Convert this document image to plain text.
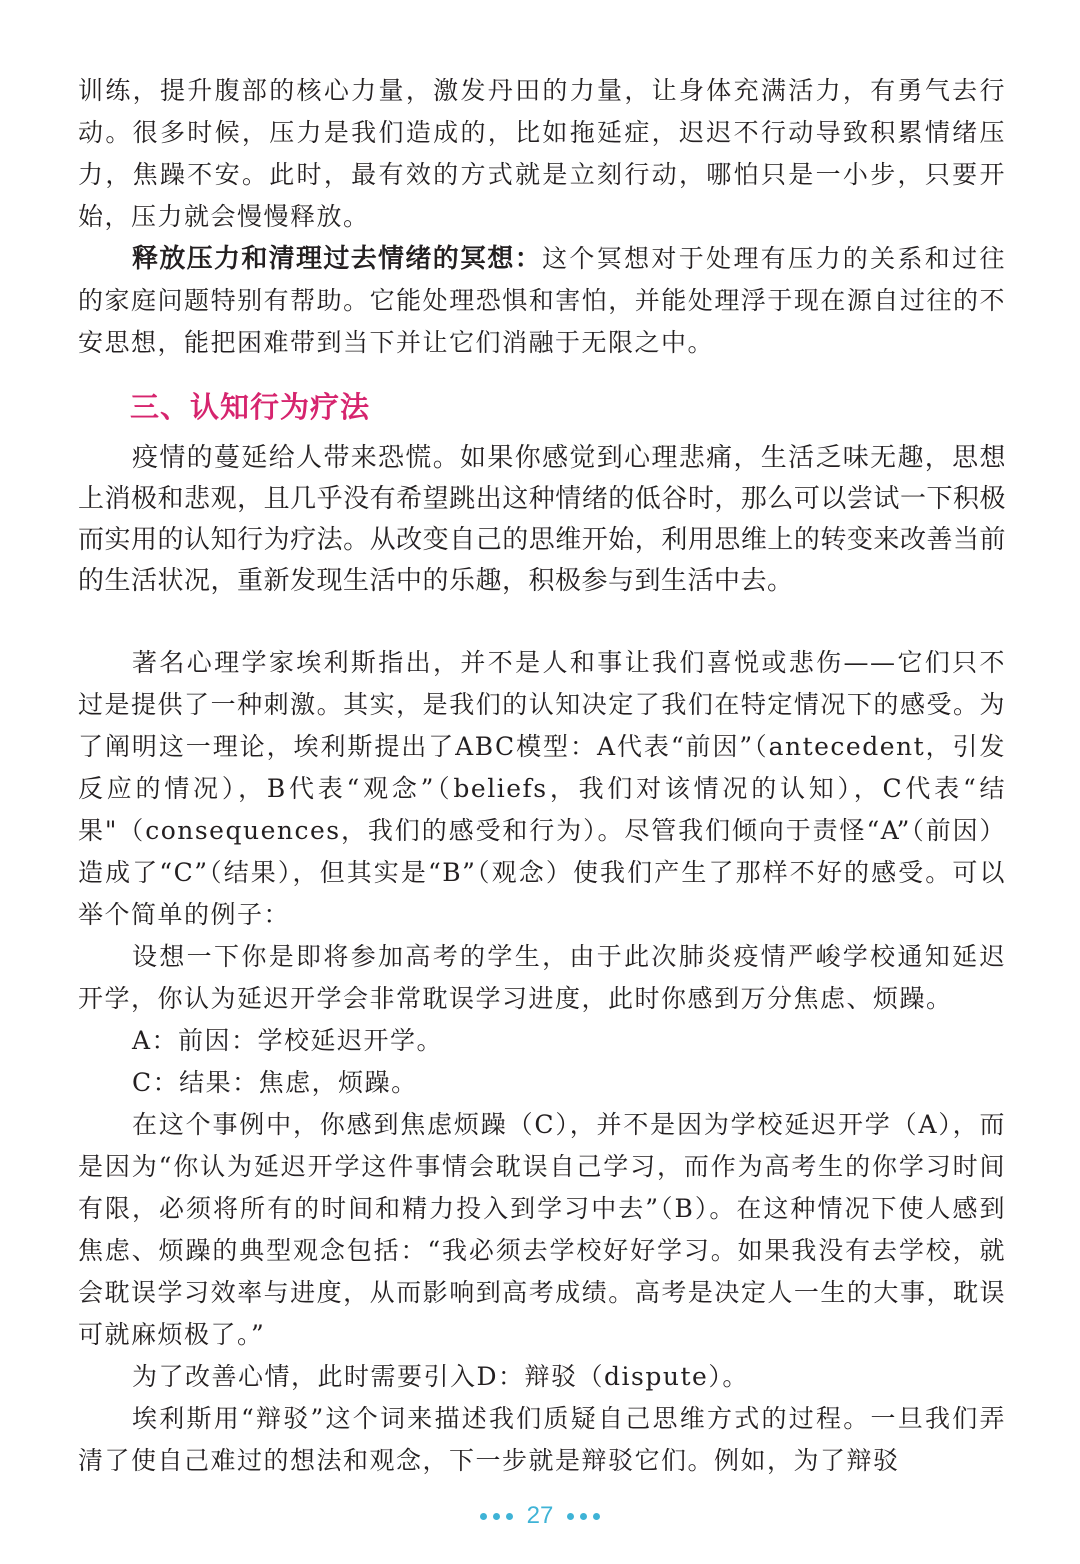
训练，提升腹部的核心力量，激发丹田的力量，让身体充满活力，有勇气去行动。很多时候，压力是我们造成的，比如拖延症，迟迟不行动导致积累情绪压力，焦躁不安。此时，最有效的方式就是立刻行动，哪怕只是一小步，只要开始，压力就会慢慢释放。

释放压力和清理过去情绪的冥想：这个冥想对于处理有压力的关系和过往的家庭问题特别有帮助。它能处理恐惧和害怕，并能处理浮于现在源自过往的不安思想，能把困难带到当下并让它们消融于无限之中。

三、认知行为疗法

疫情的蔓延给人带来恐慌。如果你感觉到心理悲痛，生活乏味无趣，思想上消极和悲观，且几乎没有希望跳出这种情绪的低谷时，那么可以尝试一下积极而实用的认知行为疗法。从改变自己的思维开始，利用思维上的转变来改善当前的生活状况，重新发现生活中的乐趣，积极参与到生活中去。

著名心理学家埃利斯指出，并不是人和事让我们喜悦或悲伤——它们只不过是提供了一种刺激。其实，是我们的认知决定了我们在特定情况下的感受。为了阐明这一理论，埃利斯提出了ABC模型：A代表“前因”（antecedent，引发反应的情况），B代表“观念”（beliefs，我们对该情况的认知），C代表“结果"（consequences，我们的感受和行为）。尽管我们倾向于责怪“A”（前因）造成了“C”（结果），但其实是“B”（观念）使我们产生了那样不好的感受。可以举个简单的例子：

设想一下你是即将参加高考的学生，由于此次肺炎疫情严峻学校通知延迟开学，你认为延迟开学会非常耽误学习进度，此时你感到万分焦虑、烦躁。

A：前因：学校延迟开学。

C：结果：焦虑，烦躁。

在这个事例中，你感到焦虑烦躁（C），并不是因为学校延迟开学（A），而是因为“你认为延迟开学这件事情会耽误自己学习，而作为高考生的你学习时间有限，必须将所有的时间和精力投入到学习中去”（B）。在这种情况下使人感到焦虑、烦躁的典型观念包括：“我必须去学校好好学习。如果我没有去学校，就会耽误学习效率与进度，从而影响到高考成绩。高考是决定人一生的大事，耽误可就麻烦极了。”

为了改善心情，此时需要引入D：辩驳（dispute）。

埃利斯用“辩驳”这个词来描述我们质疑自己思维方式的过程。一旦我们弄清了使自己难过的想法和观念，下一步就是辩驳它们。例如，为了辩驳

27
